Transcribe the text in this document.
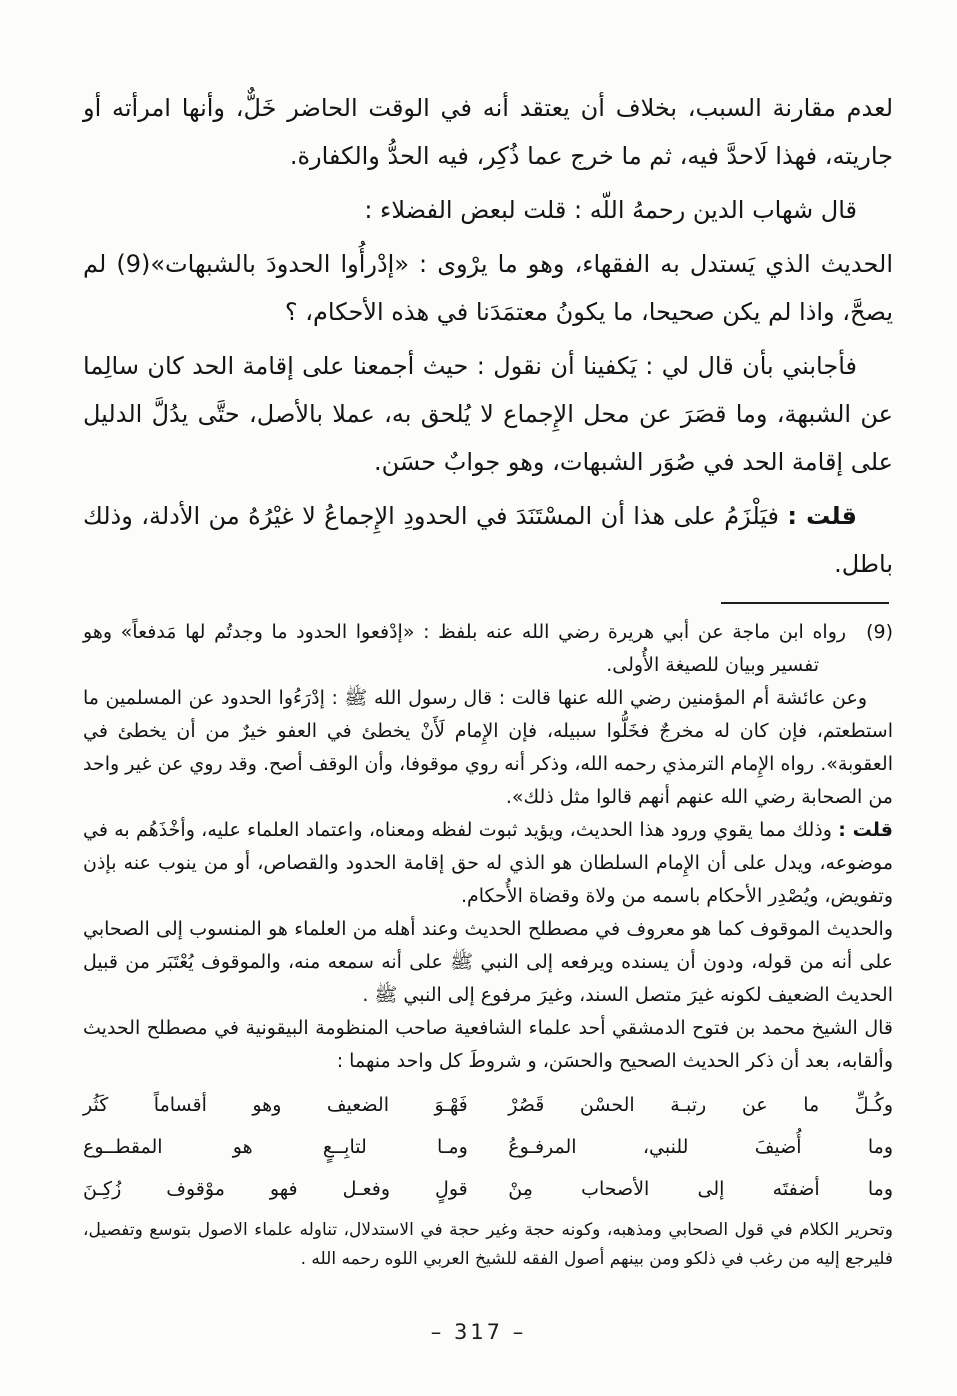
لعدم مقارنة السبب، بخلاف أن يعتقد أنه في الوقت الحاضر خَلٌّ، وأنها امرأته أو جاريته، فهذا لَاحدَّ فيه، ثم ما خرج عما ذُكِر، فيه الحدُّ والكفارة.

قال شهاب الدين رحمهُ اللّه : قلت لبعض الفضلاء :

الحديث الذي يَستدل به الفقهاء، وهو ما يرْوى : «إدْرأُوا الحدودَ بالشبهات»(9) لم يصحَّ، واذا لم يكن صحيحا، ما يكونُ معتمَدَنا في هذه الأحكام، ؟

فأجابني بأن قال لي : يَكفينا أن نقول : حيث أجمعنا على إقامة الحد كان سالِما عن الشبهة، وما قصَرَ عن محل الإِجماع لا يُلحق به، عملا بالأصل، حتَّى يدُلَّ الدليل على إقامة الحد في صُوَر الشبهات، وهو جوابٌ حسَن.

قلت : فيَلْزَمُ على هذا أن المسْتَنَدَ في الحدودِ الإِجماعُ لا غيْرُهُ من الأدلة، وذلك باطل.

(9)رواه ابن ماجة عن أبي هريرة رضي الله عنه بلفظ : «إدْفعوا الحدود ما وجدتُم لها مَدفعاً» وهو تفسير وبيان للصيغة الأُولى.

وعن عائشة أم المؤمنين رضي الله عنها قالت : قال رسول الله ﷺ : إدْرَءُوا الحدود عن المسلمين ما استطعتم، فإن كان له مخرجٌ فخَلُّوا سبيله، فإن الإِمام لَأَنْ يخطئ في العفو خيرٌ من أن يخطئ في العقوبة». رواه الإِمام الترمذي رحمه الله، وذكر أنه روي موقوفا، وأن الوقف أصح. وقد روي عن غير واحد من الصحابة رضي الله عنهم أنهم قالوا مثل ذلك».

قلت : وذلك مما يقوي ورود هذا الحديث، ويؤيد ثبوت لفظه ومعناه، واعتماد العلماء عليه، وأخْذَهُم به في موضوعه، ويدل على أن الإِمام السلطان هو الذي له حق إقامة الحدود والقصاص، أو من ينوب عنه بإذن وتفويض، ويُصْدِر الأحكام باسمه من ولاة وقضاة الأُحكام.

والحديث الموقوف كما هو معروف في مصطلح الحديث وعند أهله من العلماء هو المنسوب إلى الصحابي على أنه من قوله، ودون أن يسنده ويرفعه إلى النبي ﷺ على أنه سمعه منه، والموقوف يُعْتَبَر من قبيل الحديث الضعيف لكونه غيرَ متصل السند، وغيرَ مرفوع إلى النبي ﷺ .

قال الشيخ محمد بن فتوح الدمشقي أحد علماء الشافعية صاحب المنظومة البيقونية في مصطلح الحديث وألقابه، بعد أن ذكر الحديث الصحيح والحسَن، و شروطَ كل واحد منهما :

وكُـلِّ ما عن رتبـة الحسْن قَصُرْ
فَهْـوَ الضعيف وهو أقساماً كَثُر
وما أُضيفَ للنبي، المرفـوعُ
ومـا لتابِــعٍ هو المقطــوع
وما أضفتَه إلى الأصحاب مِنْ
قولٍ وفعـل فهو موْقوف زُكِـنَ

وتحرير الكلام في قول الصحابي ومذهبه، وكونه حجة وغير حجة في الاستدلال، تناوله علماء الاصول بتوسع وتفصيل، فليرجع إليه من رغب في ذلكو ومن بينهم أصول الفقه للشيخ العربي اللوه رحمه الله .

– 317 –
